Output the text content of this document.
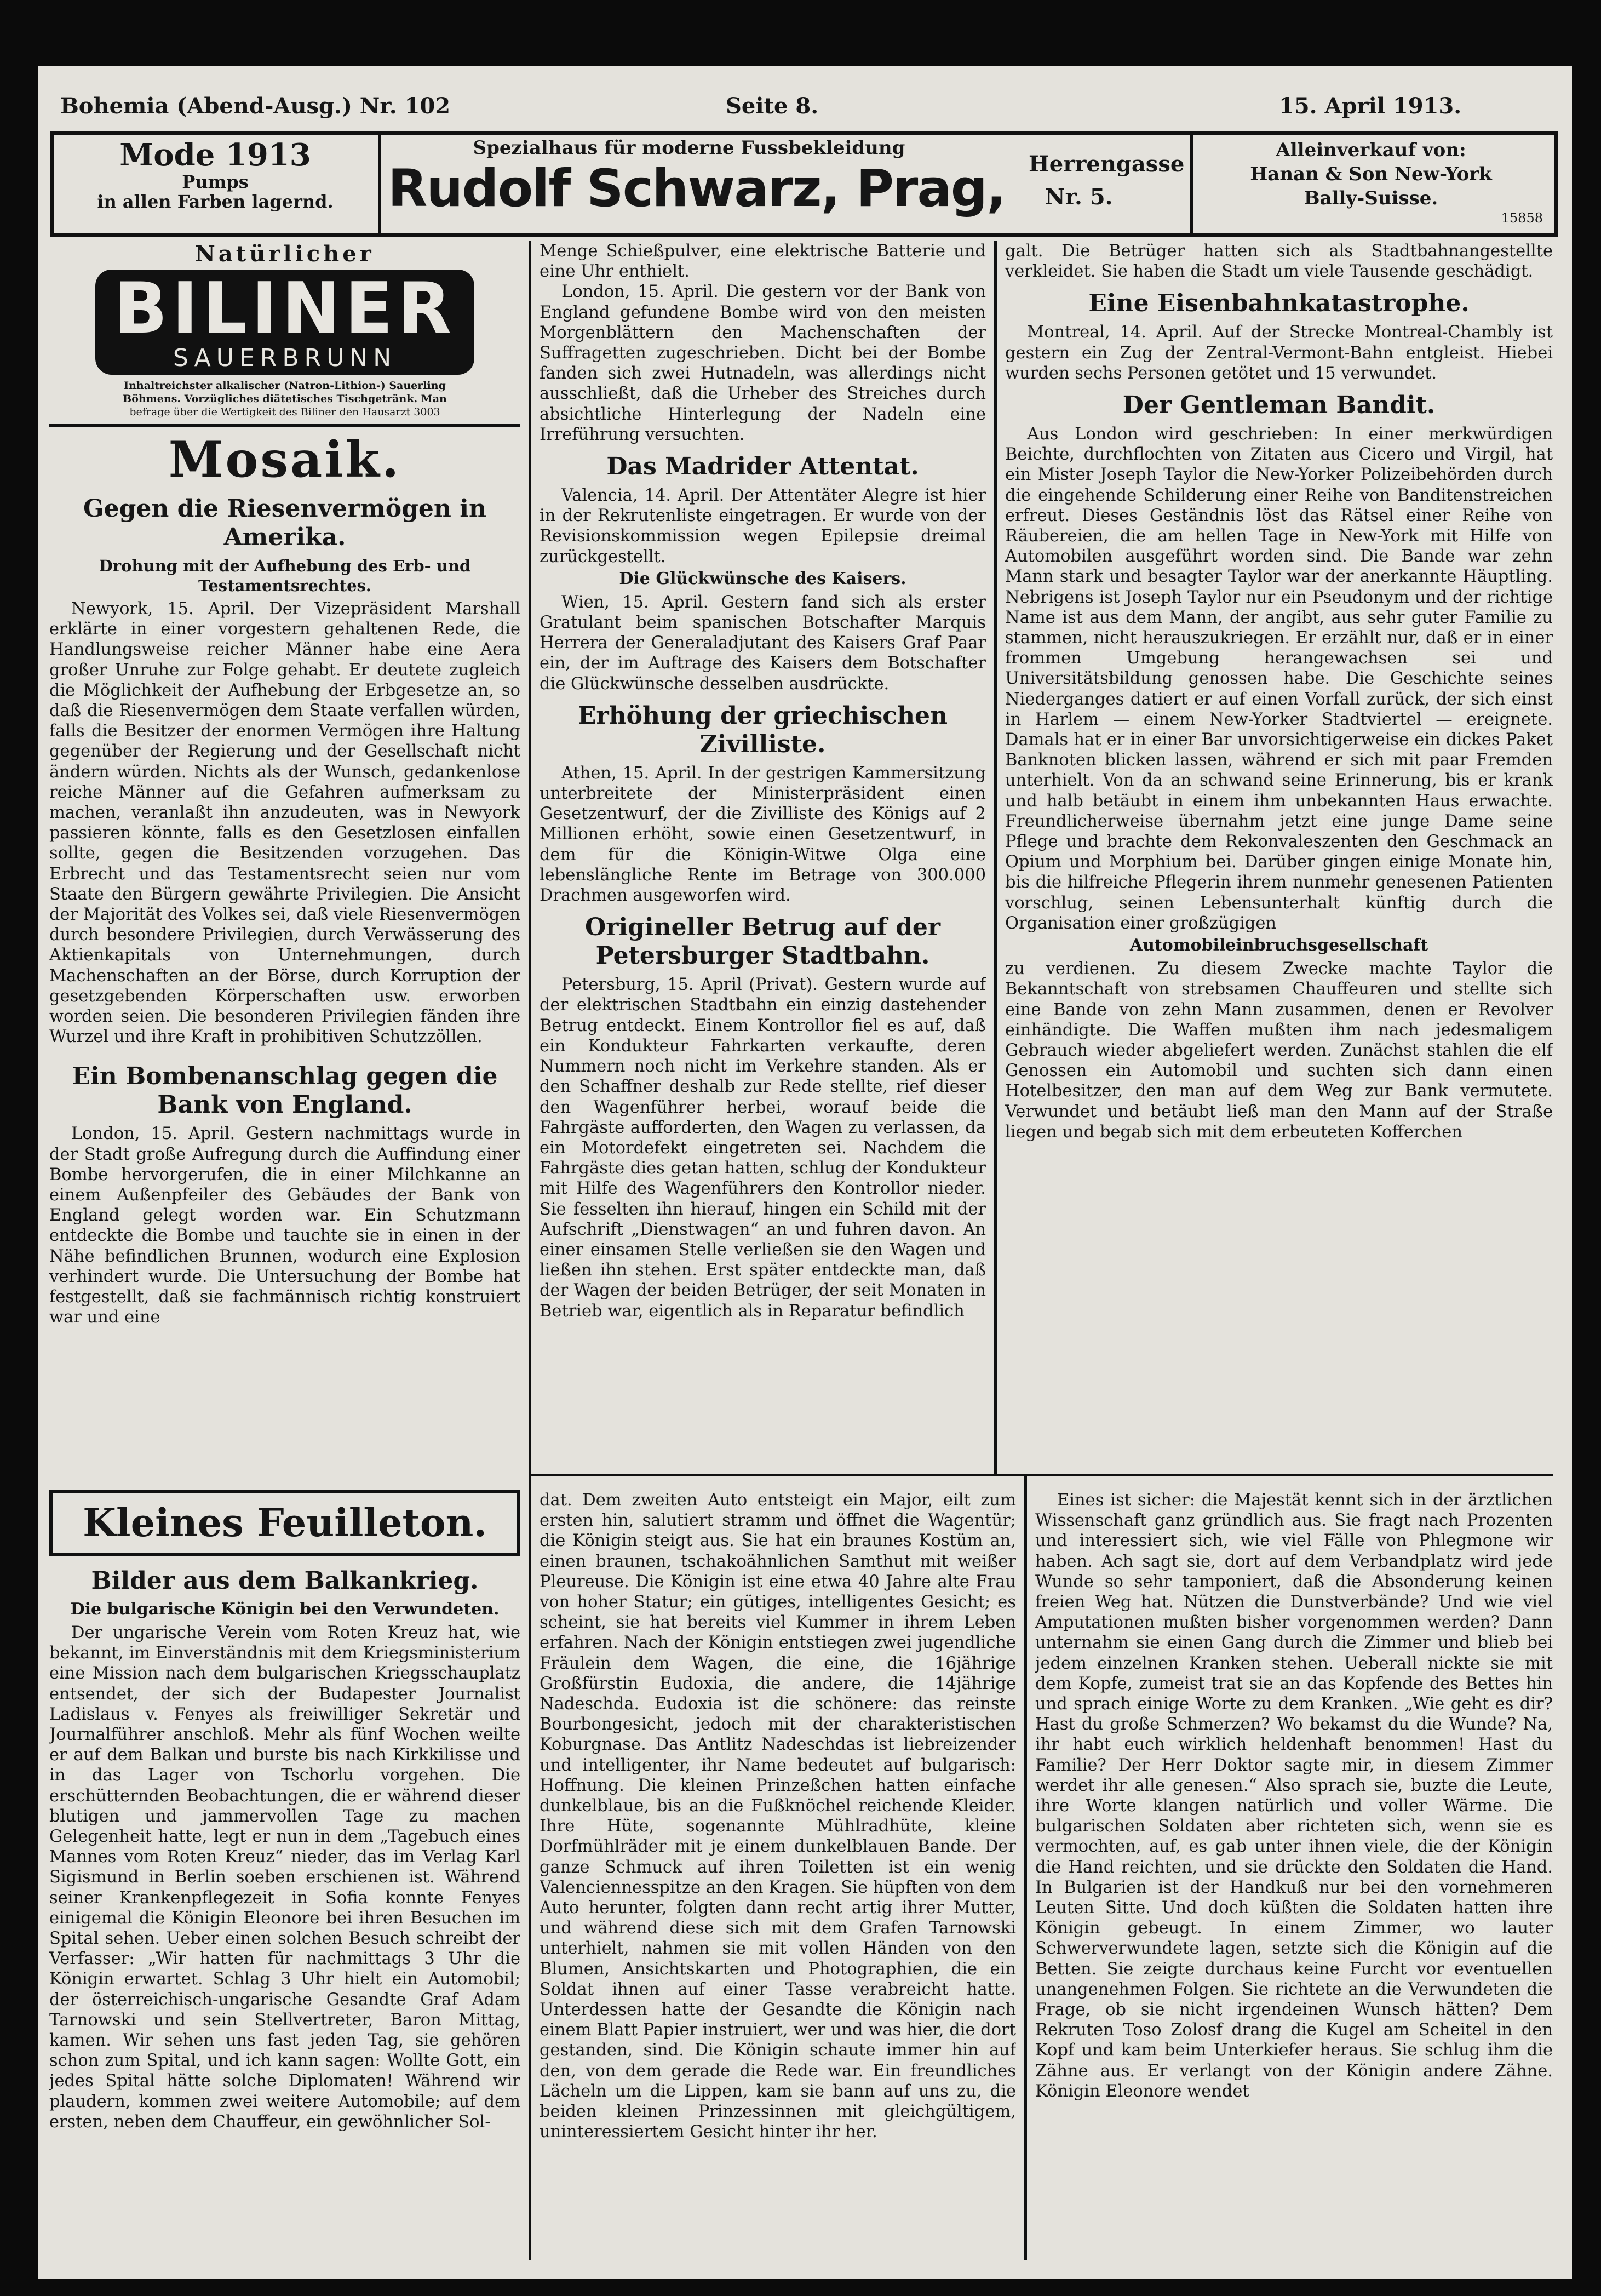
Bohemia (Abend-Ausg.) Nr. 102	Seite 8.	15. April 1913.
Mode 1913
Pumps
in allen Farben lagernd.
Spezialhaus für moderne Fussbekleidung
Rudolf Schwarz, Prag,	Herrengasse
Nr. 5.
Alleinverkauf von:
Hanan & Son New-York
Bally-Suisse.
15858
Natürlicher
BILINER
SAUERBRUNN
Inhaltreichster alkalischer (Natron-Lithion-) Sauerling
Böhmens. Vorzügliches diätetisches Tischgetränk. Man
befrage über die Wertigkeit des Biliner den Hausarzt 3003
Mosaik.
Gegen die Riesenvermögen in Amerika.
Drohung mit der Aufhebung des Erb- und Testamentsrechtes.

Newyork, 15. April. Der Vizepräsident Marshall erklärte in einer vorgestern gehaltenen Rede, die Handlungsweise reicher Männer habe eine Aera großer Unruhe zur Folge gehabt. Er deutete zugleich die Möglichkeit der Aufhebung der Erbgesetze an, so daß die Riesenvermögen dem Staate verfallen würden, falls die Besitzer der enormen Vermögen ihre Haltung gegenüber der Regierung und der Gesellschaft nicht ändern würden. Nichts als der Wunsch, gedankenlose reiche Männer auf die Gefahren aufmerksam zu machen, veranlaßt ihn anzudeuten, was in Newyork passieren könnte, falls es den Gesetzlosen einfallen sollte, gegen die Besitzenden vorzugehen. Das Erbrecht und das Testamentsrecht seien nur vom Staate den Bürgern gewährte Privilegien. Die Ansicht der Majorität des Volkes sei, daß viele Riesenvermögen durch besondere Privilegien, durch Verwässerung des Aktienkapitals von Unternehmungen, durch Machenschaften an der Börse, durch Korruption der gesetzgebenden Körperschaften usw. erworben worden seien. Die besonderen Privilegien fänden ihre Wurzel und ihre Kraft in prohibitiven Schutzzöllen.

Ein Bombenanschlag gegen die Bank von England.

London, 15. April. Gestern nachmittags wurde in der Stadt große Aufregung durch die Auffindung einer Bombe hervorgerufen, die in einer Milchkanne an einem Außenpfeiler des Gebäudes der Bank von England gelegt worden war. Ein Schutzmann entdeckte die Bombe und tauchte sie in einen in der Nähe befindlichen Brunnen, wodurch eine Explosion verhindert wurde. Die Untersuchung der Bombe hat festgestellt, daß sie fachmännisch richtig konstruiert war und eine

Menge Schießpulver, eine elektrische Batterie und eine Uhr enthielt.

London, 15. April. Die gestern vor der Bank von England gefundene Bombe wird von den meisten Morgenblättern den Machenschaften der Suffragetten zugeschrieben. Dicht bei der Bombe fanden sich zwei Hutnadeln, was allerdings nicht ausschließt, daß die Urheber des Streiches durch absichtliche Hinterlegung der Nadeln eine Irreführung versuchten.

Das Madrider Attentat.

Valencia, 14. April. Der Attentäter Alegre ist hier in der Rekrutenliste eingetragen. Er wurde von der Revisionskommission wegen Epilepsie dreimal zurückgestellt.

Die Glückwünsche des Kaisers.

Wien, 15. April. Gestern fand sich als erster Gratulant beim spanischen Botschafter Marquis Herrera der Generaladjutant des Kaisers Graf Paar ein, der im Auftrage des Kaisers dem Botschafter die Glückwünsche desselben ausdrückte.

Erhöhung der griechischen Zivilliste.

Athen, 15. April. In der gestrigen Kammersitzung unterbreitete der Ministerpräsident einen Gesetzentwurf, der die Zivilliste des Königs auf 2 Millionen erhöht, sowie einen Gesetzentwurf, in dem für die Königin-Witwe Olga eine lebenslängliche Rente im Betrage von 300.000 Drachmen ausgeworfen wird.

Origineller Betrug auf der Petersburger Stadtbahn.

Petersburg, 15. April (Privat). Gestern wurde auf der elektrischen Stadtbahn ein einzig dastehender Betrug entdeckt. Einem Kontrollor fiel es auf, daß ein Kondukteur Fahrkarten verkaufte, deren Nummern noch nicht im Verkehre standen. Als er den Schaffner deshalb zur Rede stellte, rief dieser den Wagenführer herbei, worauf beide die Fahrgäste aufforderten, den Wagen zu verlassen, da ein Motordefekt eingetreten sei. Nachdem die Fahrgäste dies getan hatten, schlug der Kondukteur mit Hilfe des Wagenführers den Kontrollor nieder. Sie fesselten ihn hierauf, hingen ein Schild mit der Aufschrift „Dienstwagen“ an und fuhren davon. An einer einsamen Stelle verließen sie den Wagen und ließen ihn stehen. Erst später entdeckte man, daß der Wagen der beiden Betrüger, der seit Monaten in Betrieb war, eigentlich als in Reparatur befindlich

galt. Die Betrüger hatten sich als Stadtbahnangestellte verkleidet. Sie haben die Stadt um viele Tausende geschädigt.

Eine Eisenbahnkatastrophe.

Montreal, 14. April. Auf der Strecke Montreal-Chambly ist gestern ein Zug der Zentral-Vermont-Bahn entgleist. Hiebei wurden sechs Personen getötet und 15 verwundet.

Der Gentleman Bandit.

Aus London wird geschrieben: In einer merkwürdigen Beichte, durchflochten von Zitaten aus Cicero und Virgil, hat ein Mister Joseph Taylor die New-Yorker Polizeibehörden durch die eingehende Schilderung einer Reihe von Banditenstreichen erfreut. Dieses Geständnis löst das Rätsel einer Reihe von Räubereien, die am hellen Tage in New-York mit Hilfe von Automobilen ausgeführt worden sind. Die Bande war zehn Mann stark und besagter Taylor war der anerkannte Häuptling. Nebrigens ist Joseph Taylor nur ein Pseudonym und der richtige Name ist aus dem Mann, der angibt, aus sehr guter Familie zu stammen, nicht herauszukriegen. Er erzählt nur, daß er in einer frommen Umgebung herangewachsen sei und Universitätsbildung genossen habe. Die Geschichte seines Niederganges datiert er auf einen Vorfall zurück, der sich einst in Harlem — einem New-Yorker Stadtviertel — ereignete. Damals hat er in einer Bar unvorsichtigerweise ein dickes Paket Banknoten blicken lassen, während er sich mit paar Fremden unterhielt. Von da an schwand seine Erinnerung, bis er krank und halb betäubt in einem ihm unbekannten Haus erwachte. Freundlicherweise übernahm jetzt eine junge Dame seine Pflege und brachte dem Rekonvaleszenten den Geschmack an Opium und Morphium bei. Darüber gingen einige Monate hin, bis die hilfreiche Pflegerin ihrem nunmehr genesenen Patienten vorschlug, seinen Lebensunterhalt künftig durch die Organisation einer großzügigen

Automobileinbruchsgesellschaft

zu verdienen. Zu diesem Zwecke machte Taylor die Bekanntschaft von strebsamen Chauffeuren und stellte sich eine Bande von zehn Mann zusammen, denen er Revolver einhändigte. Die Waffen mußten ihm nach jedesmaligem Gebrauch wieder abgeliefert werden. Zunächst stahlen die elf Genossen ein Automobil und suchten sich dann einen Hotelbesitzer, den man auf dem Weg zur Bank vermutete. Verwundet und betäubt ließ man den Mann auf der Straße liegen und begab sich mit dem erbeuteten Kofferchen

Kleines Feuilleton.
Bilder aus dem Balkankrieg.
Die bulgarische Königin bei den Verwundeten.

Der ungarische Verein vom Roten Kreuz hat, wie bekannt, im Einverständnis mit dem Kriegsministerium eine Mission nach dem bulgarischen Kriegsschauplatz entsendet, der sich der Budapester Journalist Ladislaus v. Fenyes als freiwilliger Sekretär und Journalführer anschloß. Mehr als fünf Wochen weilte er auf dem Balkan und burste bis nach Kirkkilisse und in das Lager von Tschorlu vorgehen. Die erschütternden Beobachtungen, die er während dieser blutigen und jammervollen Tage zu machen Gelegenheit hatte, legt er nun in dem „Tagebuch eines Mannes vom Roten Kreuz“ nieder, das im Verlag Karl Sigismund in Berlin soeben erschienen ist. Während seiner Krankenpflegezeit in Sofia konnte Fenyes einigemal die Königin Eleonore bei ihren Besuchen im Spital sehen. Ueber einen solchen Besuch schreibt der Verfasser: „Wir hatten für nachmittags 3 Uhr die Königin erwartet. Schlag 3 Uhr hielt ein Automobil; der österreichisch-ungarische Gesandte Graf Adam Tarnowski und sein Stellvertreter, Baron Mittag, kamen. Wir sehen uns fast jeden Tag, sie gehören schon zum Spital, und ich kann sagen: Wollte Gott, ein jedes Spital hätte solche Diplomaten! Während wir plaudern, kommen zwei weitere Automobile; auf dem ersten, neben dem Chauffeur, ein gewöhnlicher Sol-

dat. Dem zweiten Auto entsteigt ein Major, eilt zum ersten hin, salutiert stramm und öffnet die Wagentür; die Königin steigt aus. Sie hat ein braunes Kostüm an, einen braunen, tschakoähnlichen Samthut mit weißer Pleureuse. Die Königin ist eine etwa 40 Jahre alte Frau von hoher Statur; ein gütiges, intelligentes Gesicht; es scheint, sie hat bereits viel Kummer in ihrem Leben erfahren. Nach der Königin entstiegen zwei jugendliche Fräulein dem Wagen, die eine, die 16jährige Großfürstin Eudoxia, die andere, die 14jährige Nadeschda. Eudoxia ist die schönere: das reinste Bourbongesicht, jedoch mit der charakteristischen Koburgnase. Das Antlitz Nadeschdas ist liebreizender und intelligenter, ihr Name bedeutet auf bulgarisch: Hoffnung. Die kleinen Prinzeßchen hatten einfache dunkelblaue, bis an die Fußknöchel reichende Kleider. Ihre Hüte, sogenannte Mühlradhüte, kleine Dorfmühlräder mit je einem dunkelblauen Bande. Der ganze Schmuck auf ihren Toiletten ist ein wenig Valenciennesspitze an den Kragen. Sie hüpften von dem Auto herunter, folgten dann recht artig ihrer Mutter, und während diese sich mit dem Grafen Tarnowski unterhielt, nahmen sie mit vollen Händen von den Blumen, Ansichtskarten und Photographien, die ein Soldat ihnen auf einer Tasse verabreicht hatte. Unterdessen hatte der Gesandte die Königin nach einem Blatt Papier instruiert, wer und was hier, die dort gestanden, sind. Die Königin schaute immer hin auf den, von dem gerade die Rede war. Ein freundliches Lächeln um die Lippen, kam sie bann auf uns zu, die beiden kleinen Prinzessinnen mit gleichgültigem, uninteressiertem Gesicht hinter ihr her.

Eines ist sicher: die Majestät kennt sich in der ärztlichen Wissenschaft ganz gründlich aus. Sie fragt nach Prozenten und interessiert sich, wie viel Fälle von Phlegmone wir haben. Ach sagt sie, dort auf dem Verbandplatz wird jede Wunde so sehr tamponiert, daß die Absonderung keinen freien Weg hat. Nützen die Dunstverbände? Und wie viel Amputationen mußten bisher vorgenommen werden? Dann unternahm sie einen Gang durch die Zimmer und blieb bei jedem einzelnen Kranken stehen. Ueberall nickte sie mit dem Kopfe, zumeist trat sie an das Kopfende des Bettes hin und sprach einige Worte zu dem Kranken. „Wie geht es dir? Hast du große Schmerzen? Wo bekamst du die Wunde? Na, ihr habt euch wirklich heldenhaft benommen! Hast du Familie? Der Herr Doktor sagte mir, in diesem Zimmer werdet ihr alle genesen.“ Also sprach sie, buzte die Leute, ihre Worte klangen natürlich und voller Wärme. Die bulgarischen Soldaten aber richteten sich, wenn sie es vermochten, auf, es gab unter ihnen viele, die der Königin die Hand reichten, und sie drückte den Soldaten die Hand. In Bulgarien ist der Handkuß nur bei den vornehmeren Leuten Sitte. Und doch küßten die Soldaten hatten ihre Königin gebeugt. In einem Zimmer, wo lauter Schwerverwundete lagen, setzte sich die Königin auf die Betten. Sie zeigte durchaus keine Furcht vor eventuellen unangenehmen Folgen. Sie richtete an die Verwundeten die Frage, ob sie nicht irgendeinen Wunsch hätten? Dem Rekruten Toso Zolosf drang die Kugel am Scheitel in den Kopf und kam beim Unterkiefer heraus. Sie schlug ihm die Zähne aus. Er verlangt von der Königin andere Zähne. Königin Eleonore wendet
